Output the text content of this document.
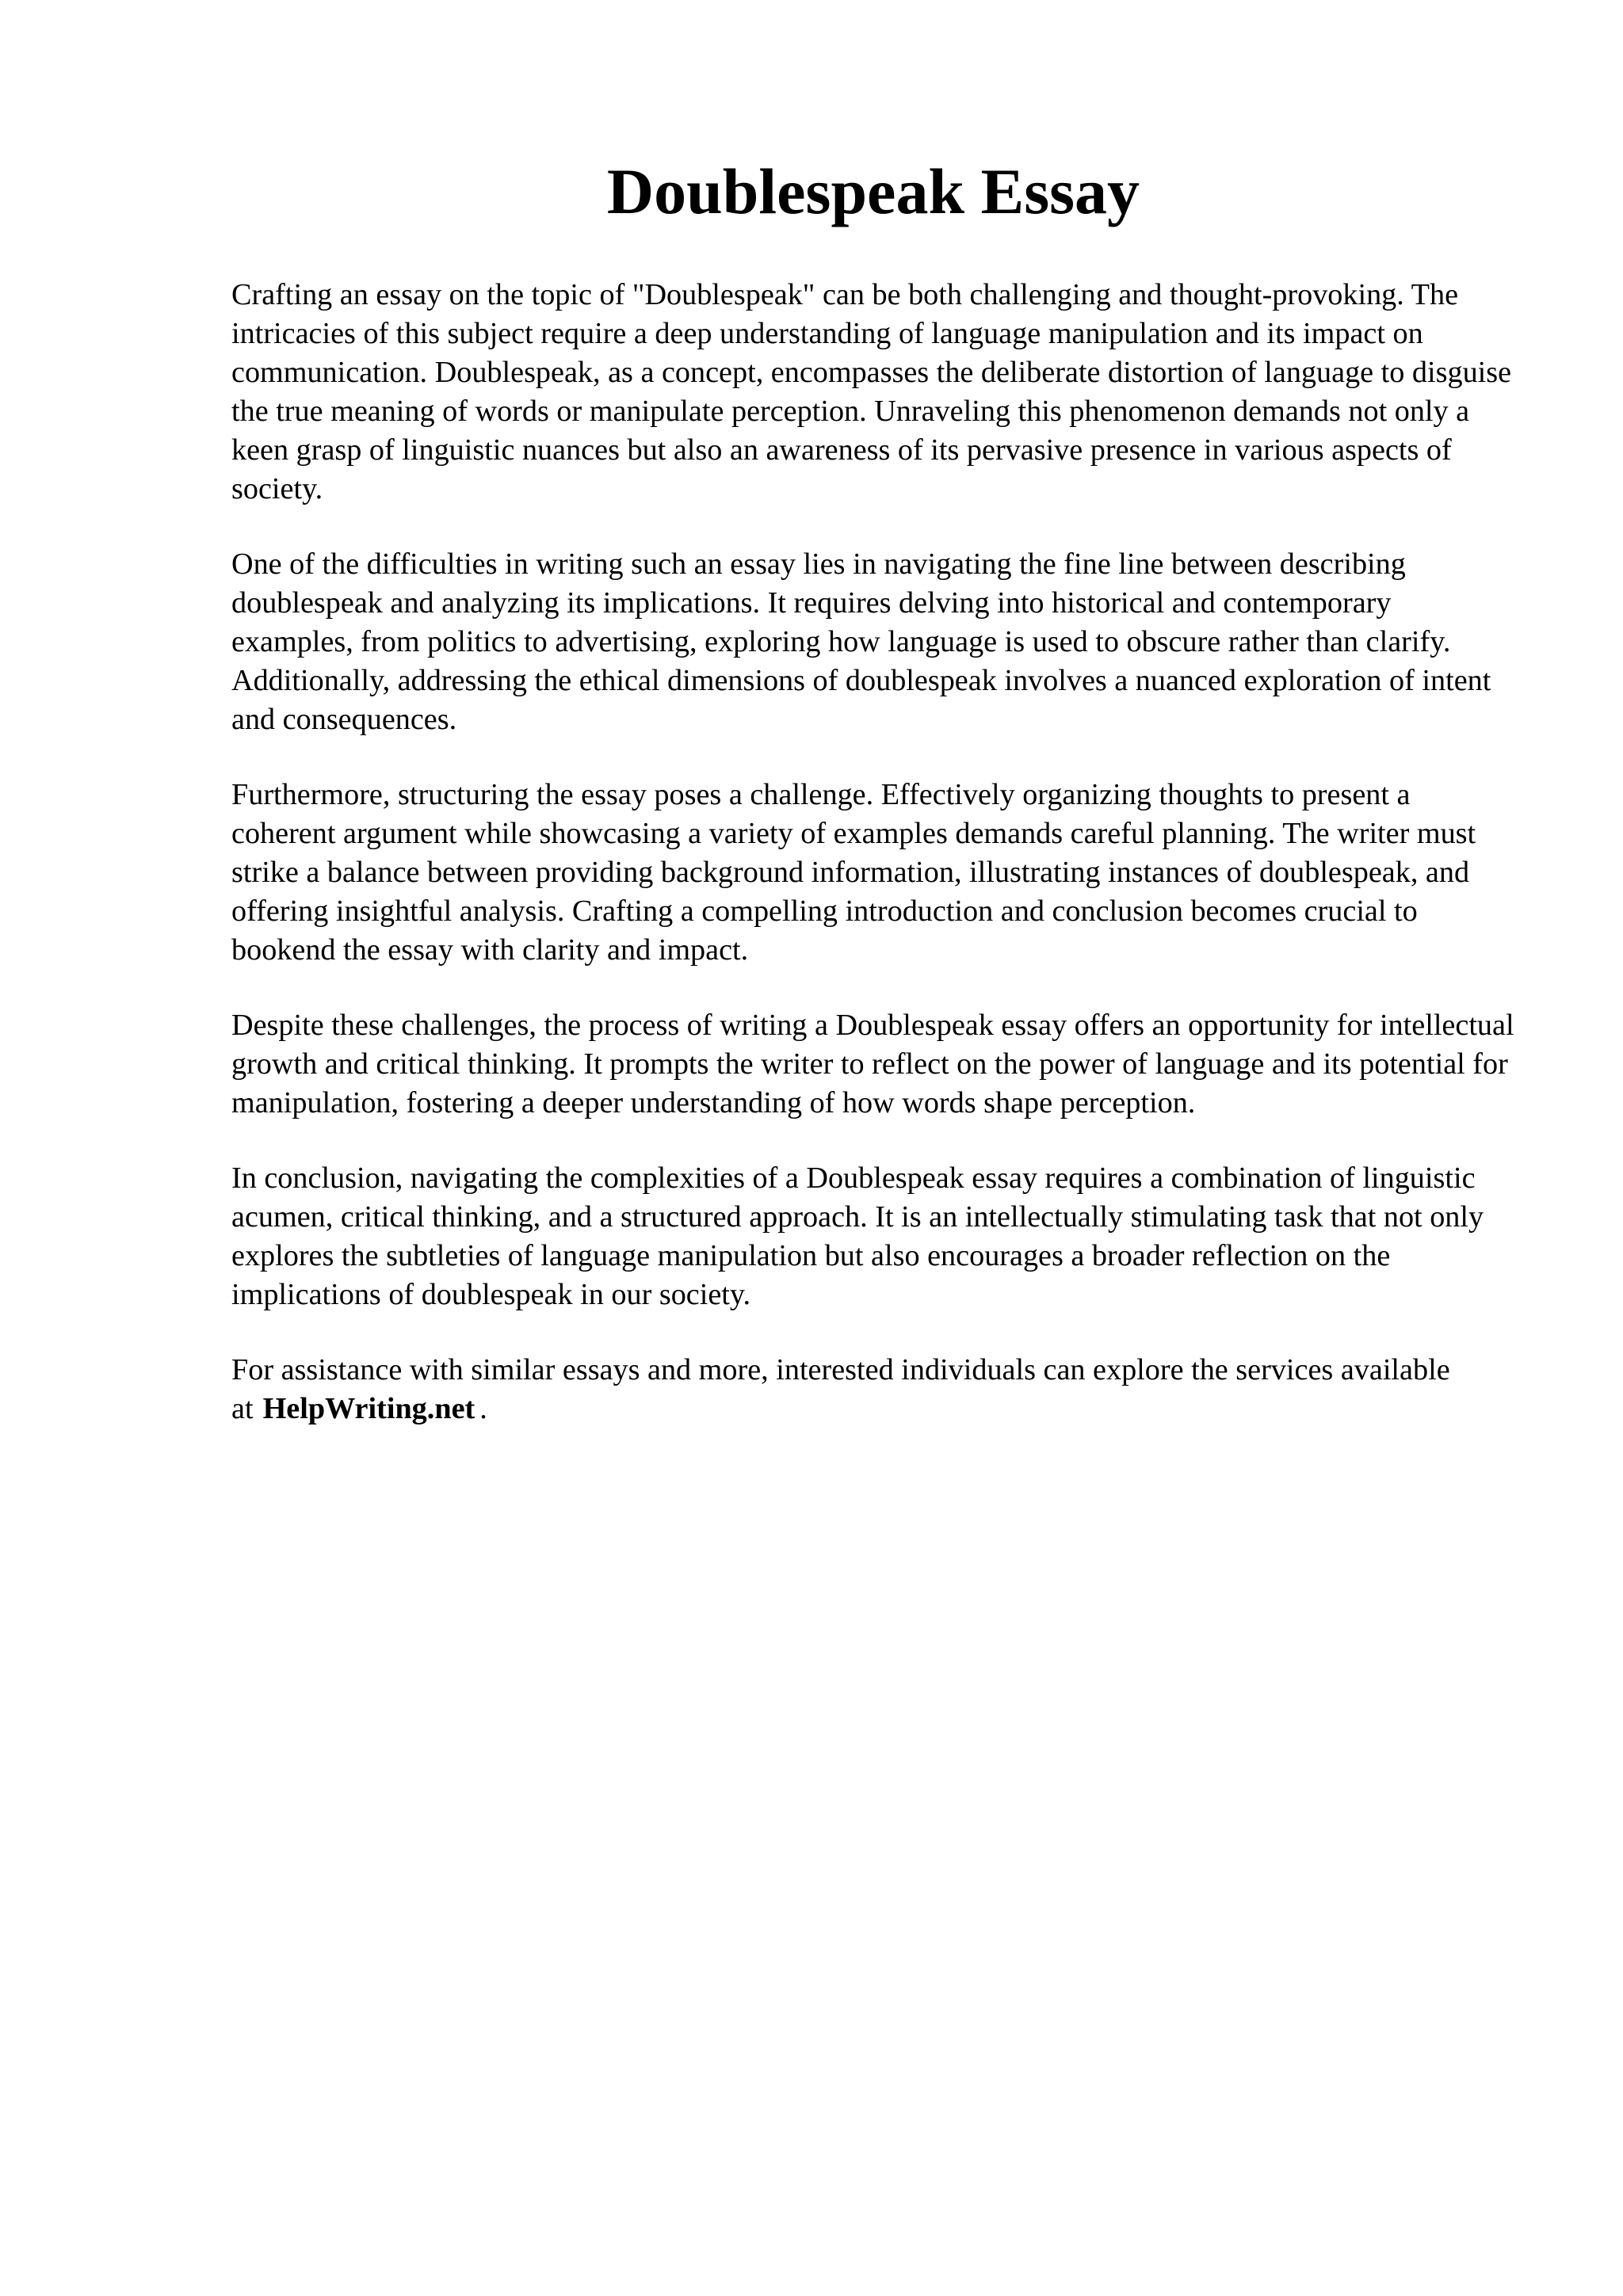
Doublespeak Essay

Crafting an essay on the topic of "Doublespeak" can be both challenging and thought-provoking. The intricacies of this subject require a deep understanding of language manipulation and its impact on communication. Doublespeak, as a concept, encompasses the deliberate distortion of language to disguise the true meaning of words or manipulate perception. Unraveling this phenomenon demands not only a keen grasp of linguistic nuances but also an awareness of its pervasive presence in various aspects of society.

One of the difficulties in writing such an essay lies in navigating the fine line between describing doublespeak and analyzing its implications. It requires delving into historical and contemporary examples, from politics to advertising, exploring how language is used to obscure rather than clarify. Additionally, addressing the ethical dimensions of doublespeak involves a nuanced exploration of intent and consequences.

Furthermore, structuring the essay poses a challenge. Effectively organizing thoughts to present a coherent argument while showcasing a variety of examples demands careful planning. The writer must strike a balance between providing background information, illustrating instances of doublespeak, and offering insightful analysis. Crafting a compelling introduction and conclusion becomes crucial to bookend the essay with clarity and impact.

Despite these challenges, the process of writing a Doublespeak essay offers an opportunity for intellectual growth and critical thinking. It prompts the writer to reflect on the power of language and its potential for manipulation, fostering a deeper understanding of how words shape perception.

In conclusion, navigating the complexities of a Doublespeak essay requires a combination of linguistic acumen, critical thinking, and a structured approach. It is an intellectually stimulating task that not only explores the subtleties of language manipulation but also encourages a broader reflection on the implications of doublespeak in our society.

For assistance with similar essays and more, interested individuals can explore the services available at HelpWriting.net .
